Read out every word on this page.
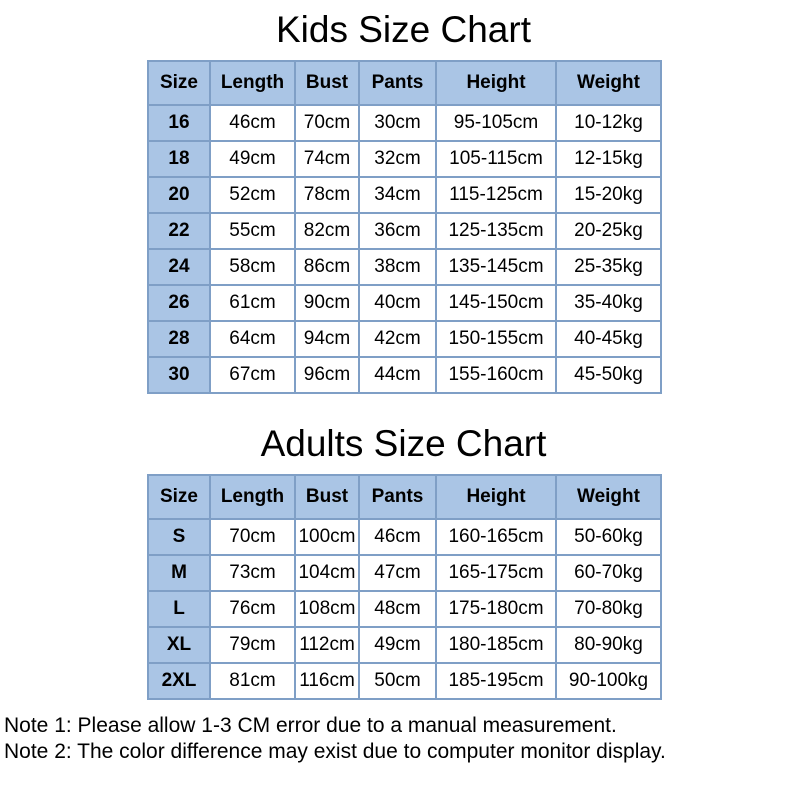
Kids Size Chart
Size	Length	Bust	Pants	Height	Weight
16	46cm	70cm	30cm	95-105cm	10-12kg
18	49cm	74cm	32cm	105-115cm	12-15kg
20	52cm	78cm	34cm	115-125cm	15-20kg
22	55cm	82cm	36cm	125-135cm	20-25kg
24	58cm	86cm	38cm	135-145cm	25-35kg
26	61cm	90cm	40cm	145-150cm	35-40kg
28	64cm	94cm	42cm	150-155cm	40-45kg
30	67cm	96cm	44cm	155-160cm	45-50kg
Adults Size Chart
Size	Length	Bust	Pants	Height	Weight
S	70cm	100cm	46cm	160-165cm	50-60kg
M	73cm	104cm	47cm	165-175cm	60-70kg
L	76cm	108cm	48cm	175-180cm	70-80kg
XL	79cm	112cm	49cm	180-185cm	80-90kg
2XL	81cm	116cm	50cm	185-195cm	90-100kg

Note 1: Please allow 1-3 CM error due to a manual measurement.

Note 2: The color difference may exist due to computer monitor display.
